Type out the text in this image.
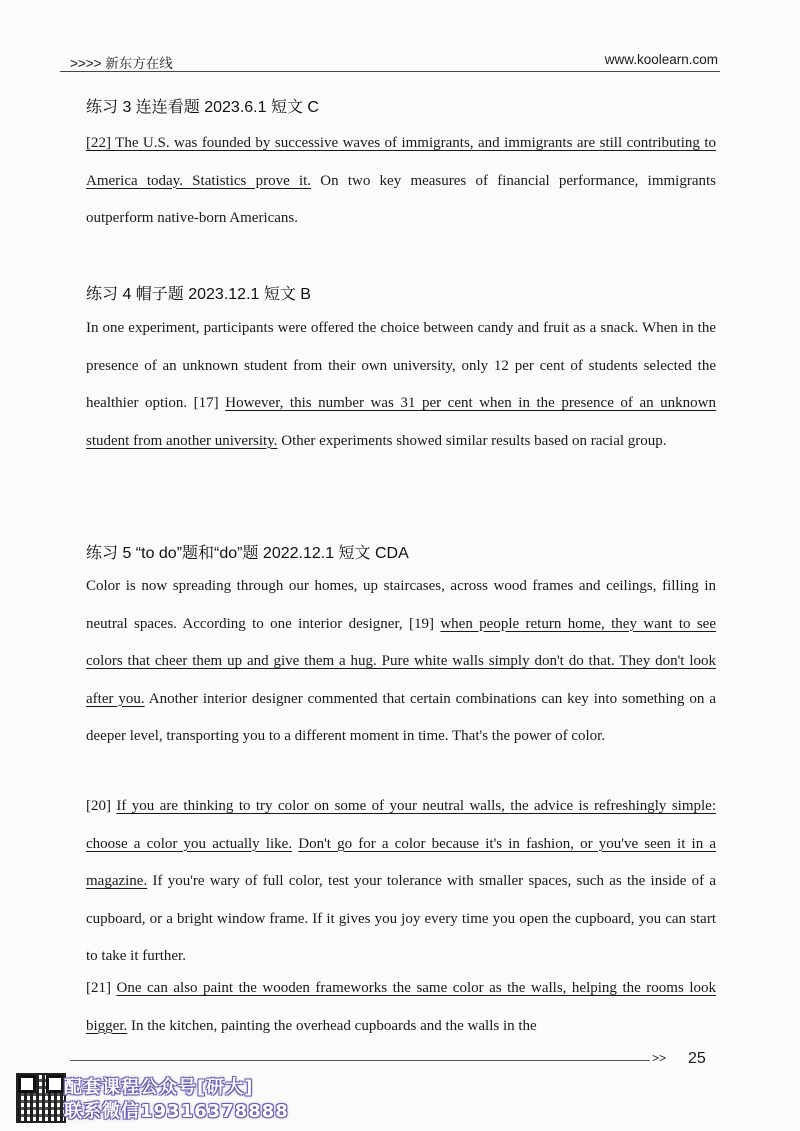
>>>> 新东方在线	www.koolearn.com
练习 3 连连看题 2023.6.1 短文 C

[22] The U.S. was founded by successive waves of immigrants, and immigrants are still contributing to America today. Statistics prove it. On two key measures of financial performance, immigrants outperform native-born Americans.

练习 4 帽子题 2023.12.1 短文 B

In one experiment, participants were offered the choice between candy and fruit as a snack. When in the presence of an unknown student from their own university, only 12 per cent of students selected the healthier option. [17] However, this number was 31 per cent when in the presence of an unknown student from another university. Other experiments showed similar results based on racial group.

练习 5 “to do”题和“do”题 2022.12.1 短文 CDA

Color is now spreading through our homes, up staircases, across wood frames and ceilings, filling in neutral spaces. According to one interior designer, [19] when people return home, they want to see colors that cheer them up and give them a hug. Pure white walls simply don't do that. They don't look after you. Another interior designer commented that certain combinations can key into something on a deeper level, transporting you to a different moment in time. That's the power of color.

[20] If you are thinking to try color on some of your neutral walls, the advice is refreshingly simple: choose a color you actually like. Don't go for a color because it's in fashion, or you've seen it in a magazine. If you're wary of full color, test your tolerance with smaller spaces, such as the inside of a cupboard, or a bright window frame. If it gives you joy every time you open the cupboard, you can start to take it further.

[21] One can also paint the wooden frameworks the same color as the walls, helping the rooms look bigger. In the kitchen, painting the overhead cupboards and the walls in the

>> 25
配套课程公众号[研大]
联系微信19316378888
